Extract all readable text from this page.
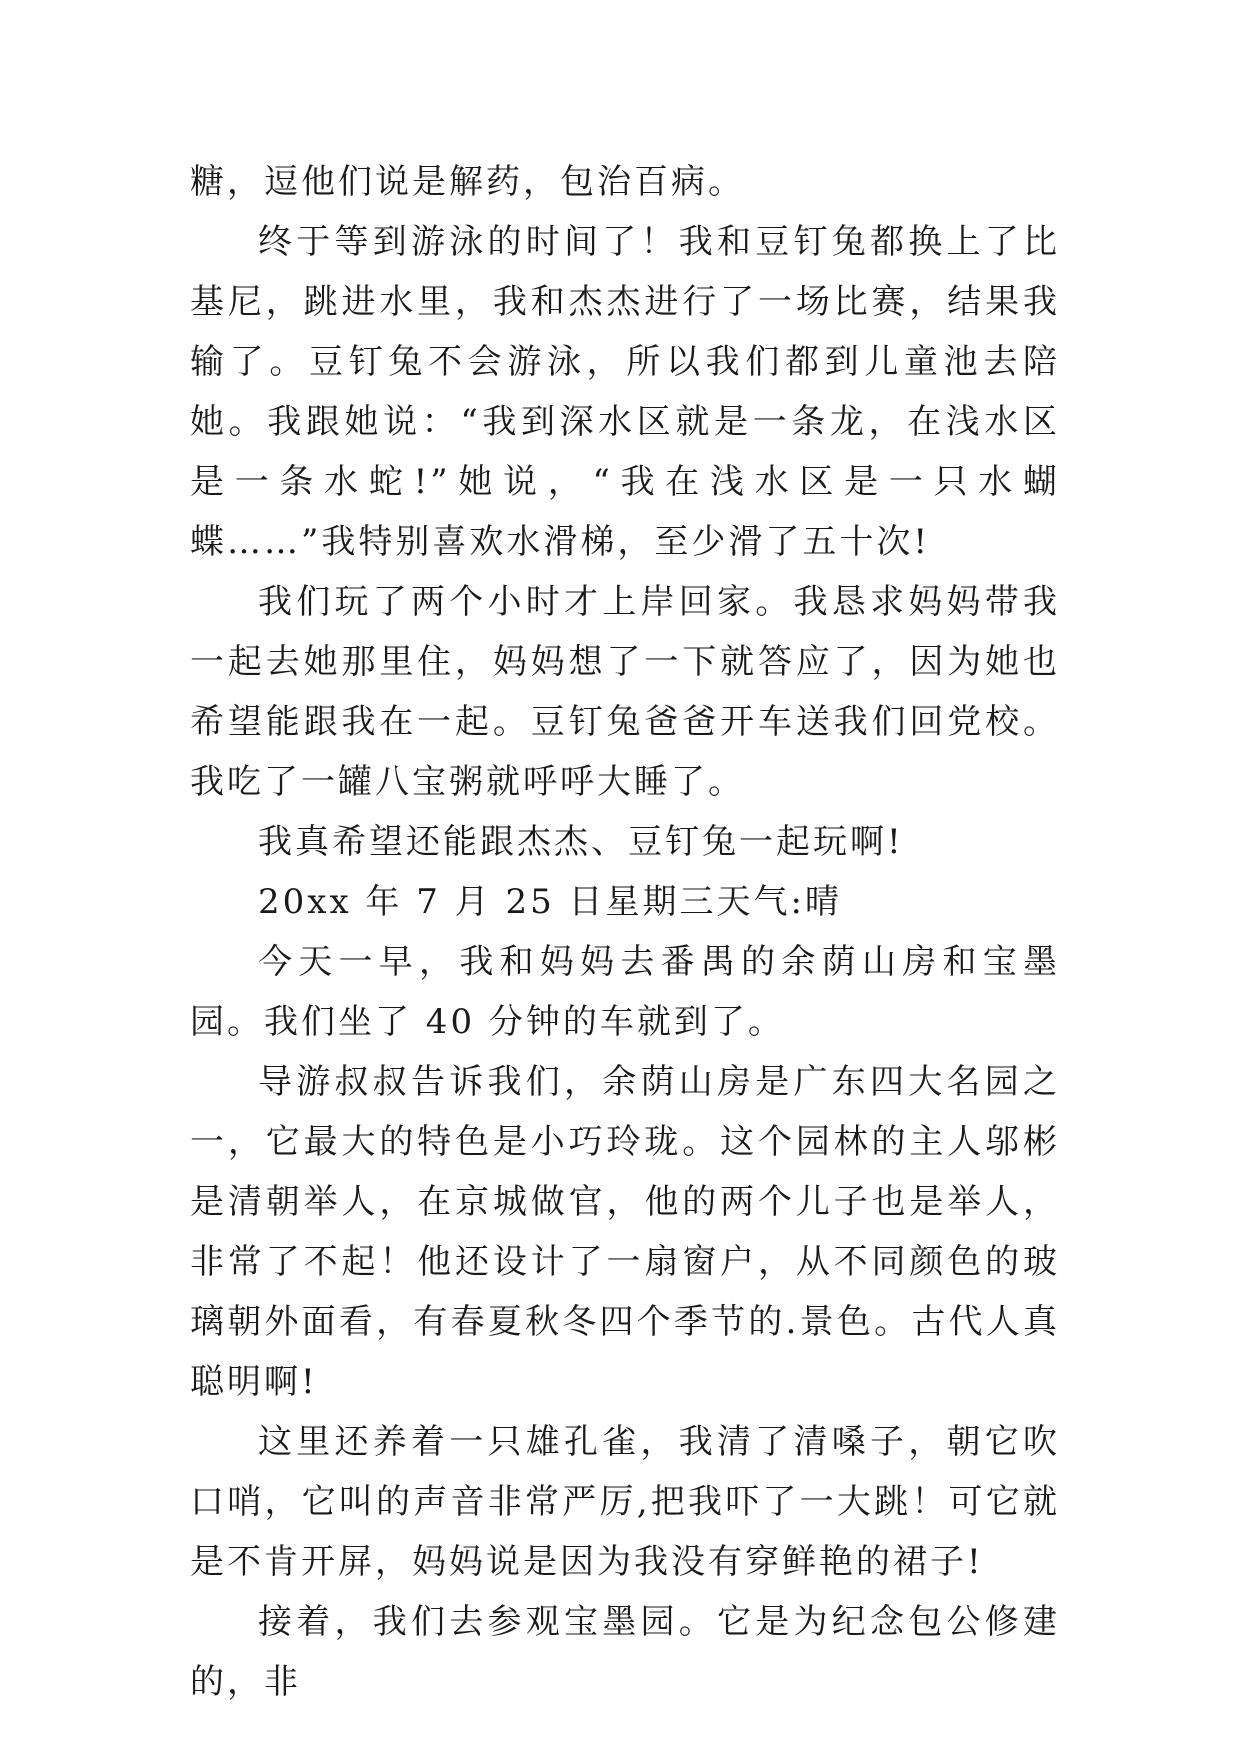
糖，逗他们说是解药，包治百病。

终于等到游泳的时间了！我和豆钉兔都换上了比基尼，跳进水里，我和杰杰进行了一场比赛，结果我输了。豆钉兔不会游泳，所以我们都到儿童池去陪她。我跟她说：“我到深水区就是一条龙，在浅水区是一条水蛇!”她说，“我在浅水区是一只水蝴蝶……”我特别喜欢水滑梯，至少滑了五十次!

我们玩了两个小时才上岸回家。我恳求妈妈带我一起去她那里住，妈妈想了一下就答应了，因为她也希望能跟我在一起。豆钉兔爸爸开车送我们回党校。我吃了一罐八宝粥就呼呼大睡了。

我真希望还能跟杰杰、豆钉兔一起玩啊!

20xx 年 7 月 25 日星期三天气:晴

今天一早，我和妈妈去番禺的余荫山房和宝墨园。我们坐了 40 分钟的车就到了。

导游叔叔告诉我们，余荫山房是广东四大名园之一，它最大的特色是小巧玲珑。这个园林的主人邬彬是清朝举人，在京城做官，他的两个儿子也是举人，非常了不起！他还设计了一扇窗户，从不同颜色的玻璃朝外面看，有春夏秋冬四个季节的.景色。古代人真聪明啊!

这里还养着一只雄孔雀，我清了清嗓子，朝它吹口哨，它叫的声音非常严厉,把我吓了一大跳！可它就是不肯开屏，妈妈说是因为我没有穿鲜艳的裙子!

接着，我们去参观宝墨园。它是为纪念包公修建的，非
